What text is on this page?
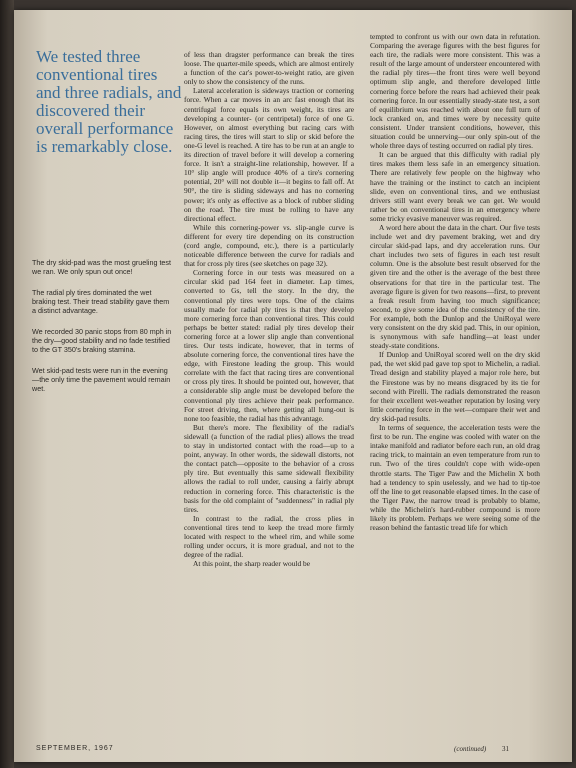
We tested three conventional tires and three radials, and discovered their overall performance is remarkably close.

The dry skid-pad was the most grueling test we ran. We only spun out once!

The radial ply tires dominated the wet braking test. Their tread stability gave them a distinct advantage.

We recorded 30 panic stops from 80 mph in the dry—good stability and no fade testified to the GT 350's braking stamina.

Wet skid-pad tests were run in the evening—the only time the pavement would remain wet.

of less than dragster performance can break the tires loose. The quarter-mile speeds, which are almost entirely a function of the car's power-to-weight ratio, are given only to show the consistency of the runs.

Lateral acceleration is sideways traction or cornering force. When a car moves in an arc fast enough that its centrifugal force equals its own weight, its tires are developing a counter- (or centripetal) force of one G. However, on almost everything but racing cars with racing tires, the tires will start to slip or skid before the one-G level is reached. A tire has to be run at an angle to its direction of travel before it will develop a cornering force. It isn't a straight-line relationship, however. If a 10° slip angle will produce 40% of a tire's cornering potential, 20° will not double it—it begins to fall off. At 90°, the tire is sliding sideways and has no cornering power; it's only as effective as a block of rubber sliding on the road. The tire must be rolling to have any directional effect.

While this cornering-power vs. slip-angle curve is different for every tire depending on its construction (cord angle, compound, etc.), there is a particularly noticeable difference between the curve for radials and that for cross ply tires (see sketches on page 32).

Cornering force in our tests was measured on a circular skid pad 164 feet in diameter. Lap times, converted to Gs, tell the story. In the dry, the conventional ply tires were tops. One of the claims usually made for radial ply tires is that they develop more cornering force than conventional tires. This could perhaps be better stated: radial ply tires develop their cornering force at a lower slip angle than conventional tires. Our tests indicate, however, that in terms of absolute cornering force, the conventional tires have the edge, with Firestone leading the group. This would correlate with the fact that racing tires are conventional or cross ply tires. It should be pointed out, however, that a considerable slip angle must be developed before the conventional ply tires achieve their peak performance. For street driving, then, where getting all hung-out is none too feasible, the radial has this advantage.

But there's more. The flexibility of the radial's sidewall (a function of the radial plies) allows the tread to stay in undistorted contact with the road—up to a point, anyway. In other words, the sidewall distorts, not the contact patch—opposite to the behavior of a cross ply tire. But eventually this same sidewall flexibility allows the radial to roll under, causing a fairly abrupt reduction in cornering force. This characteristic is the basis for the old complaint of "suddenness" in radial ply tires.

In contrast to the radial, the cross plies in conventional tires tend to keep the tread more firmly located with respect to the wheel rim, and while some rolling under occurs, it is more gradual, and not to the degree of the radial.

At this point, the sharp reader would be

tempted to confront us with our own data in refutation. Comparing the average figures with the best figures for each tire, the radials were more consistent. This was a result of the large amount of understeer encountered with the radial ply tires—the front tires were well beyond optimum slip angle, and therefore developed little cornering force before the rears had achieved their peak cornering force. In our essentially steady-state test, a sort of equilibrium was reached with about one full turn of lock cranked on, and times were by necessity quite consistent. Under transient conditions, however, this situation could be unnerving—our only spin-out of the whole three days of testing occurred on radial ply tires.

It can be argued that this difficulty with radial ply tires makes them less safe in an emergency situation. There are relatively few people on the highway who have the training or the instinct to catch an incipient slide, even on conventional tires, and we enthusiast drivers still want every break we can get. We would rather be on conventional tires in an emergency where some tricky evasive maneuver was required.

A word here about the data in the chart. Our five tests include wet and dry pavement braking, wet and dry circular skid-pad laps, and dry acceleration runs. Our chart includes two sets of figures in each test result column. One is the absolute best result observed for the given tire and the other is the average of the best three observations for that tire in the particular test. The average figure is given for two reasons—first, to prevent a freak result from having too much significance; second, to give some idea of the consistency of the tire. For example, both the Dunlop and the UniRoyal were very consistent on the dry skid pad. This, in our opinion, is synonymous with safe handling—at least under steady-state conditions.

If Dunlop and UniRoyal scored well on the dry skid pad, the wet skid pad gave top spot to Michelin, a radial. Tread design and stability played a major role here, but the Firestone was by no means disgraced by its tie for second with Pirelli. The radials demonstrated the reason for their excellent wet-weather reputation by losing very little cornering force in the wet—compare their wet and dry skid-pad results.

In terms of sequence, the acceleration tests were the first to be run. The engine was cooled with water on the intake manifold and radiator before each run, an old drag racing trick, to maintain an even temperature from run to run. Two of the tires couldn't cope with wide-open throttle starts. The Tiger Paw and the Michelin X both had a tendency to spin uselessly, and we had to tip-toe off the line to get reasonable elapsed times. In the case of the Tiger Paw, the narrow tread is probably to blame, while the Michelin's hard-rubber compound is more likely its problem. Perhaps we were seeing some of the reason behind the fantastic tread life for which

SEPTEMBER, 1967	(continued) 31
